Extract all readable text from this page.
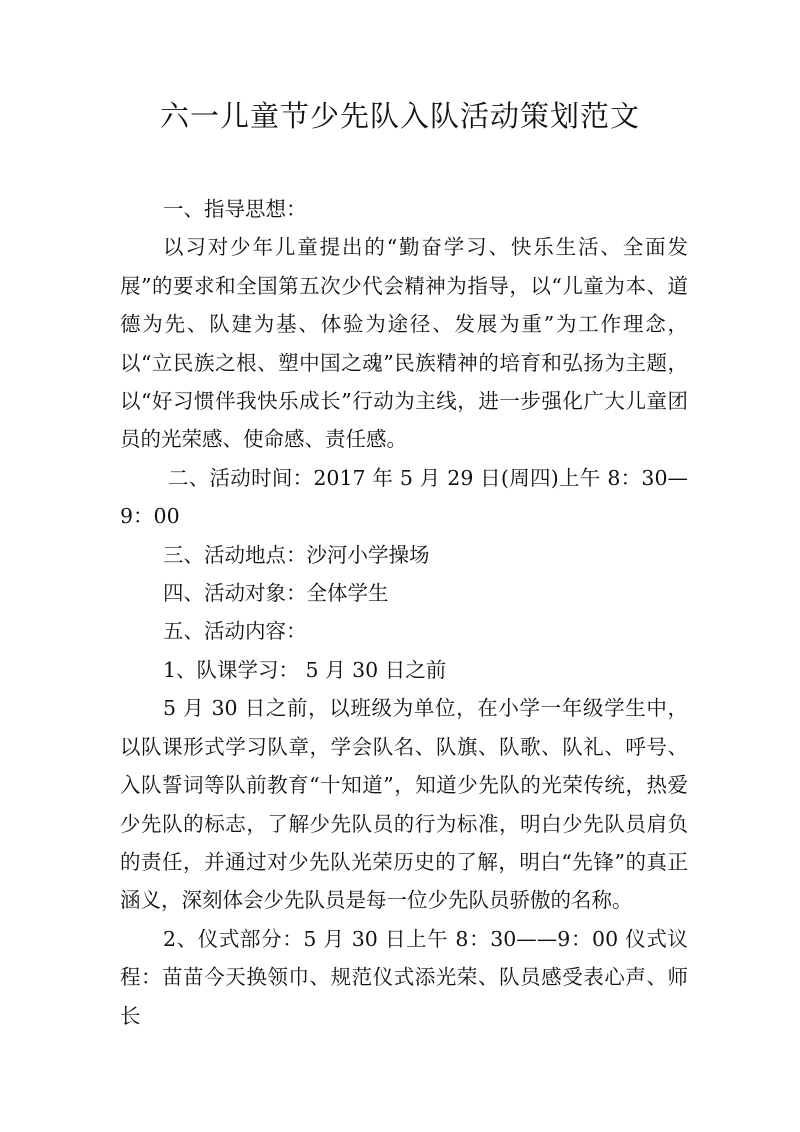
六一儿童节少先队入队活动策划范文

一、指导思想：

以习对少年儿童提出的“勤奋学习、快乐生活、全面发展”的要求和全国第五次少代会精神为指导，以“儿童为本、道德为先、队建为基、体验为途径、发展为重”为工作理念，以“立民族之根、塑中国之魂”民族精神的培育和弘扬为主题，以“好习惯伴我快乐成长”行动为主线，进一步强化广大儿童团员的光荣感、使命感、责任感。

二、活动时间：2017 年 5 月 29 日(周四)上午 8：30—9：00

三、活动地点：沙河小学操场

四、活动对象：全体学生

五、活动内容：

1、队课学习： 5 月 30 日之前

5 月 30 日之前，以班级为单位，在小学一年级学生中，以队课形式学习队章，学会队名、队旗、队歌、队礼、呼号、入队誓词等队前教育“十知道”，知道少先队的光荣传统，热爱少先队的标志，了解少先队员的行为标准，明白少先队员肩负的责任，并通过对少先队光荣历史的了解，明白“先锋”的真正涵义，深刻体会少先队员是每一位少先队员骄傲的名称。

2、仪式部分：5 月 30 日上午 8：30——9：00 仪式议程：苗苗今天换领巾、规范仪式添光荣、队员感受表心声、师长
